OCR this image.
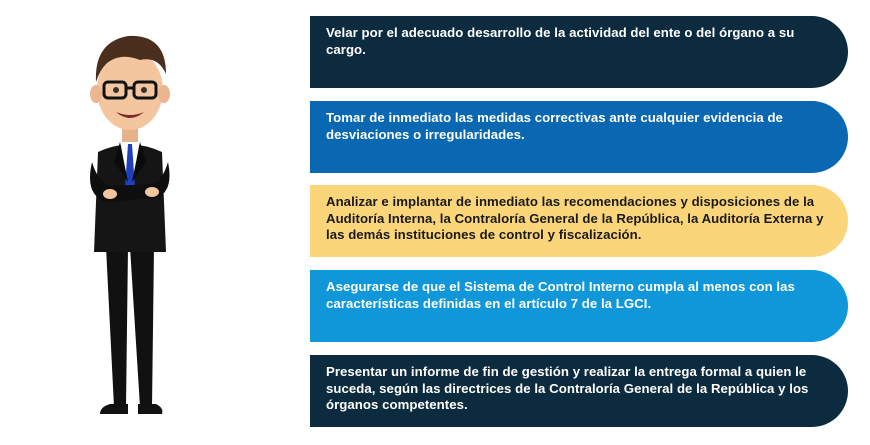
Velar por el adecuado desarrollo de la actividad del ente o del órgano a su cargo.
Tomar de inmediato las medidas correctivas ante cualquier evidencia de desviaciones o irregularidades.
Analizar e implantar de inmediato las recomendaciones y disposiciones de la Auditoría Interna, la Contraloría General de la República, la Auditoría Externa y las demás instituciones de control y fiscalización.
Asegurarse de que el Sistema de Control Interno cumpla al menos con las características definidas en el artículo 7 de la LGCI.
Presentar un informe de fin de gestión y realizar la entrega formal a quien le suceda, según las directrices de la Contraloría General de la República y los órganos competentes.
